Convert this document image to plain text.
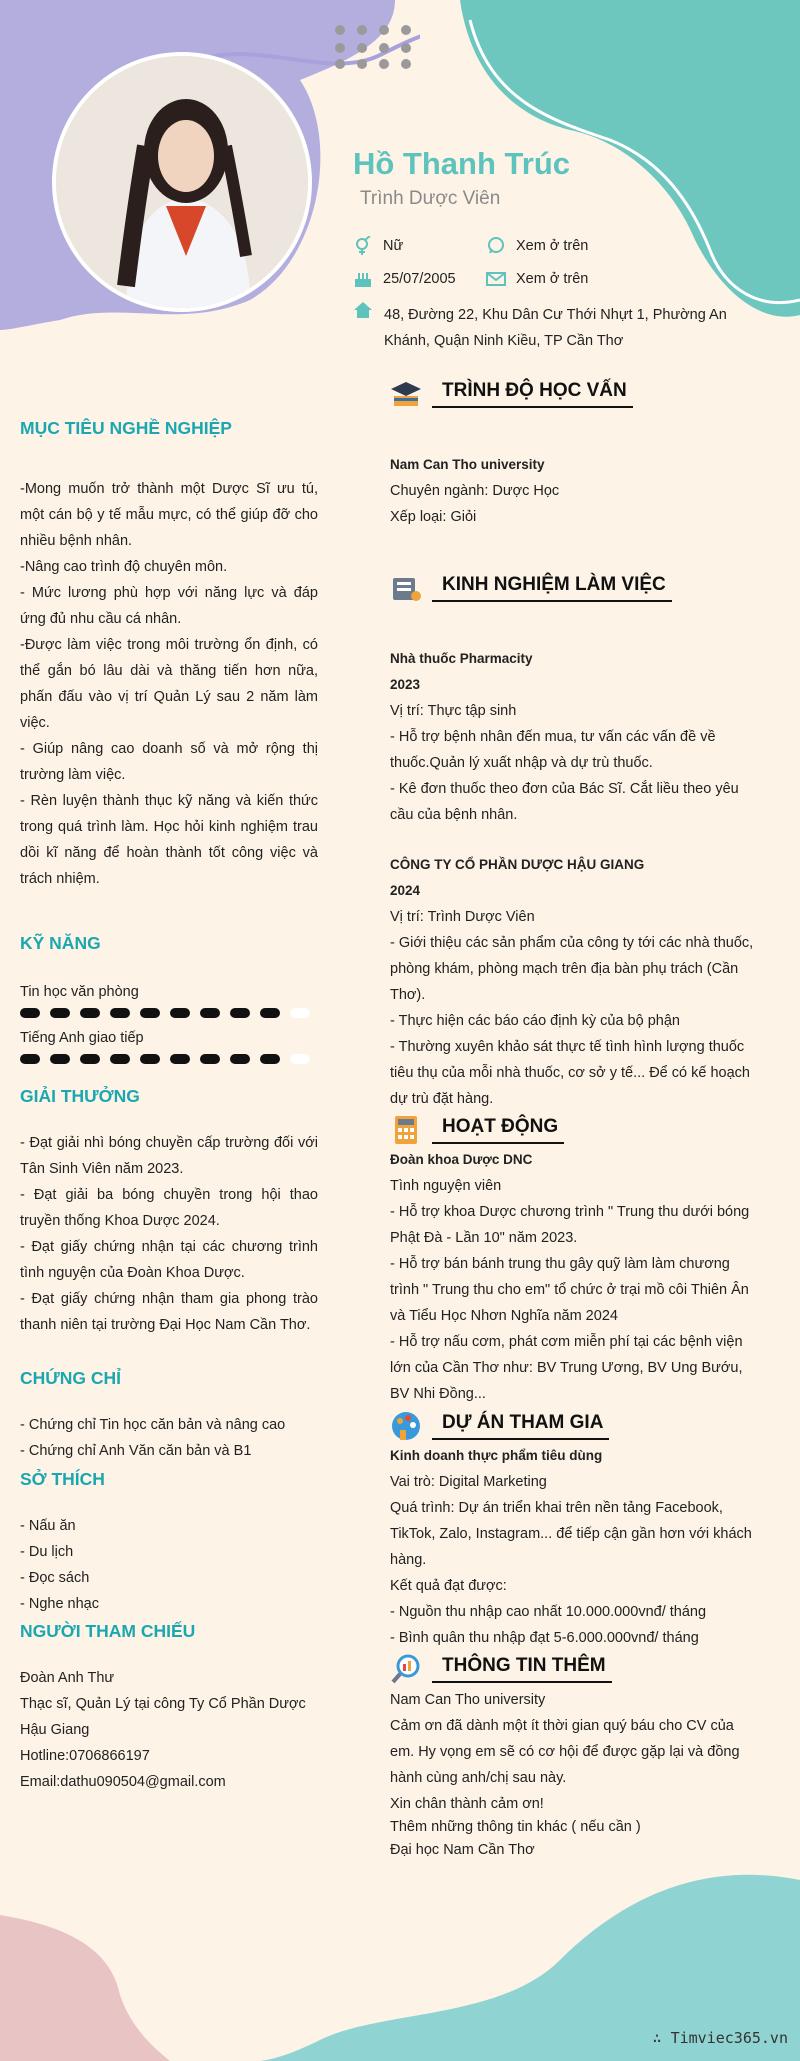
Hồ Thanh Trúc
Trình Dược Viên
Nữ	Xem ở trên
25/07/2005	Xem ở trên
48, Đường 22, Khu Dân Cư Thới Nhựt 1, Phường An Khánh, Quận Ninh Kiều, TP Cần Thơ
MỤC TIÊU NGHỀ NGHIỆP

-Mong muốn trở thành một Dược Sĩ ưu tú, một cán bộ y tế mẫu mực, có thể giúp đỡ cho nhiều bệnh nhân.

-Nâng cao trình độ chuyên môn.

- Mức lương phù hợp với năng lực và đáp ứng đủ nhu cầu cá nhân.

-Được làm việc trong môi trường ổn định, có thể gắn bó lâu dài và thăng tiến hơn nữa, phấn đấu vào vị trí Quản Lý sau 2 năm làm việc.

- Giúp nâng cao doanh số và mở rộng thị trường làm việc.

- Rèn luyện thành thục kỹ năng và kiến thức trong quá trình làm. Học hỏi kinh nghiệm trau dồi kĩ năng để hoàn thành tốt công việc và trách nhiệm.

KỸ NĂNG
Tin học văn phòng
Tiếng Anh giao tiếp
GIẢI THƯỞNG

- Đạt giải nhì bóng chuyền cấp trường đối với Tân Sinh Viên năm 2023.

- Đạt giải ba bóng chuyền trong hội thao truyền thống Khoa Dược 2024.

- Đạt giấy chứng nhận tại các chương trình tình nguyện của Đoàn Khoa Dược.

- Đạt giấy chứng nhận tham gia phong trào thanh niên tại trường Đại Học Nam Cần Thơ.

CHỨNG CHỈ

- Chứng chỉ Tin học căn bản và nâng cao

- Chứng chỉ Anh Văn căn bản và B1

SỞ THÍCH

- Nấu ăn

- Du lịch

- Đọc sách

- Nghe nhạc

NGƯỜI THAM CHIẾU

Đoàn Anh Thư

Thạc sĩ, Quản Lý tại công Ty Cổ Phần Dược Hậu Giang

Hotline:0706866197

Email:dathu090504@gmail.com

TRÌNH ĐỘ HỌC VẤN
Nam Can Tho university
Chuyên ngành: Dược Học
Xếp loại: Giỏi
KINH NGHIỆM LÀM VIỆC
Nhà thuốc Pharmacity
2023
Vị trí: Thực tập sinh
- Hỗ trợ bệnh nhân đến mua, tư vấn các vấn đề về thuốc.Quản lý xuất nhập và dự trù thuốc.
- Kê đơn thuốc theo đơn của Bác Sĩ. Cắt liều theo yêu cầu của bệnh nhân.
CÔNG TY CỔ PHẦN DƯỢC HẬU GIANG
2024
Vị trí: Trình Dược Viên
- Giới thiệu các sản phẩm của công ty tới các nhà thuốc, phòng khám, phòng mạch trên địa bàn phụ trách (Cần Thơ).
- Thực hiện các báo cáo định kỳ của bộ phận
- Thường xuyên khảo sát thực tế tình hình lượng thuốc tiêu thụ của mỗi nhà thuốc, cơ sở y tế... Để có kế hoạch dự trù đặt hàng.
HOẠT ĐỘNG
Đoàn khoa Dược DNC
Tình nguyện viên
- Hỗ trợ khoa Dược chương trình " Trung thu dưới bóng Phật Đà - Lần 10" năm 2023.
- Hỗ trợ bán bánh trung thu gây quỹ làm làm chương trình " Trung thu cho em" tổ chức ở trại mồ côi Thiên Ân và Tiểu Học Nhơn Nghĩa năm 2024
- Hỗ trợ nấu cơm, phát cơm miễn phí tại các bệnh viện lớn của Cần Thơ như: BV Trung Ương, BV Ung Bướu, BV Nhi Đồng...
DỰ ÁN THAM GIA
Kinh doanh thực phẩm tiêu dùng
Vai trò: Digital Marketing
Quá trình: Dự án triển khai trên nền tảng Facebook, TikTok, Zalo, Instagram... để tiếp cận gần hơn với khách hàng.
Kết quả đạt được:
- Nguồn thu nhập cao nhất 10.000.000vnđ/ tháng
- Bình quân thu nhập đạt 5-6.000.000vnđ/ tháng
THÔNG TIN THÊM
Nam Can Tho university
Cảm ơn đã dành một ít thời gian quý báu cho CV của em. Hy vọng em sẽ có cơ hội để được gặp lại và đồng hành cùng anh/chị sau này.
Xin chân thành cảm ơn!
Thêm những thông tin khác ( nếu cần )
Đại học Nam Cần Thơ
∴ Timviec365.vn
